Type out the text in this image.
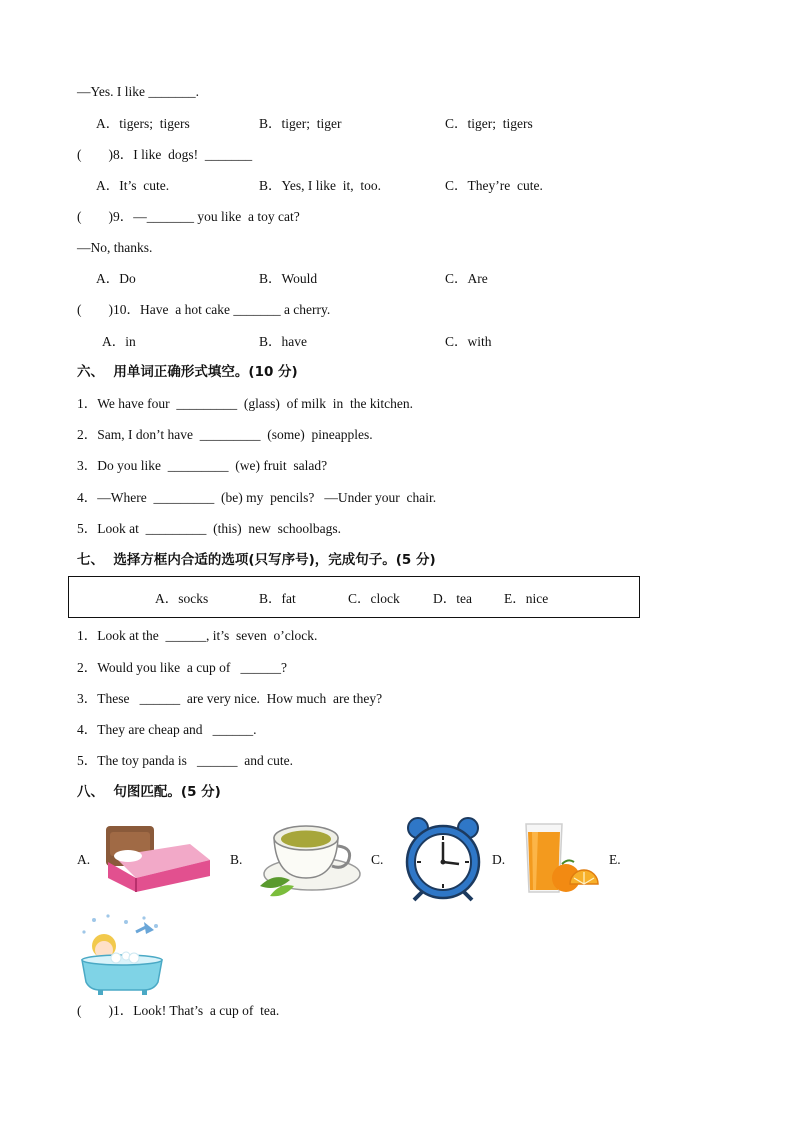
—Yes. I like _______.
A．tigers;  tigers	B．tiger;  tiger	C．tiger;  tigers
(        )8．I like  dogs!  _______
A．It’s  cute.	B．Yes, I like  it,  too.	C．They’re  cute.
(        )9．—_______ you like  a toy cat?
—No, thanks.
A．Do	B．Would	C．Are
(        )10．Have  a hot cake _______ a cherry.
A．in	B．have	C．with
六、  用单词正确形式填空。(10 分)
1．We have four  _________  (glass)  of milk  in  the kitchen.
2．Sam, I don’t have  _________  (some)  pineapples.
3．Do you like  _________  (we) fruit  salad?
4．—Where  _________  (be) my  pencils?   —Under your  chair.
5．Look at  _________  (this)  new  schoolbags.
七、  选择方框内合适的选项(只写序号)，完成句子。(5 分)
A．socks	B．fat	C．clock D．tea E．nice
1．Look at the  ______, it’s  seven  o’clock.
2．Would you like  a cup of   ______?
3．These   ______  are very nice.  How much  are they?
4．They are cheap and   ______.
5．The toy panda is   ______  and cute.
八、  句图匹配。(5 分)
A.	B.	C.	D.	E.
(        )1．Look! That’s  a cup of  tea.
